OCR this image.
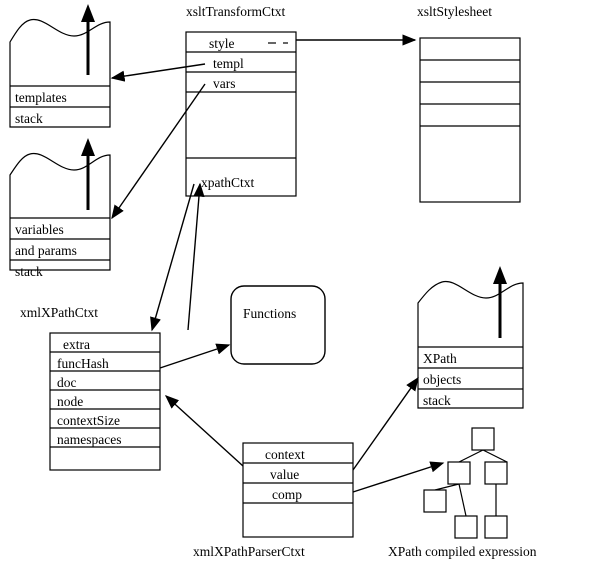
xsltTransformCtxt	xsltStylesheet
xmlXPathCtxt
xmlXPathParserCtxt	XPath compiled expression
Functions
templates
stack
variables
and params
stack
XPath
objects
stack
style
templ
vars
xpathCtxt
extra
funcHash
doc
node
contextSize
namespaces
context
value
comp
